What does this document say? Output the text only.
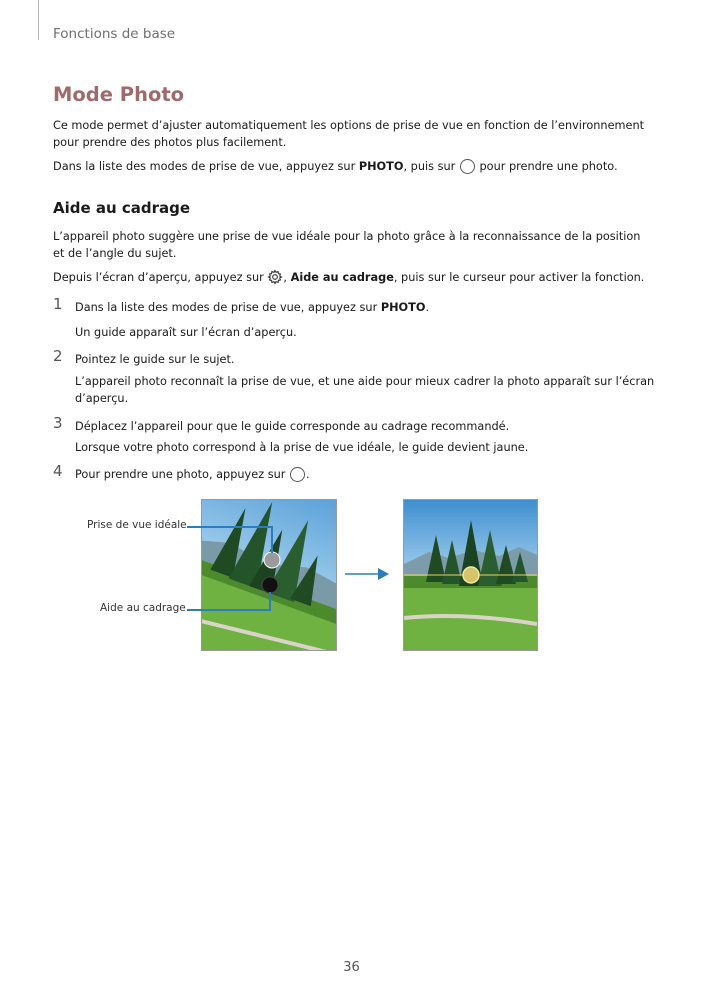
Fonctions de base
Mode Photo
Ce mode permet d’ajuster automatiquement les options de prise de vue en fonction de l’environnement pour prendre des photos plus facilement.
Dans la liste des modes de prise de vue, appuyez sur PHOTO, puis sur  pour prendre une photo.
Aide au cadrage
L’appareil photo suggère une prise de vue idéale pour la photo grâce à la reconnaissance de la position et de l’angle du sujet.
Depuis l’écran d’aperçu, appuyez sur , Aide au cadrage, puis sur le curseur pour activer la fonction.
1 Dans la liste des modes de prise de vue, appuyez sur PHOTO.
Un guide apparaît sur l’écran d’aperçu.
2 Pointez le guide sur le sujet.
L’appareil photo reconnaît la prise de vue, et une aide pour mieux cadrer la photo apparaît sur l’écran d’aperçu.
3 Déplacez l’appareil pour que le guide corresponde au cadrage recommandé.
Lorsque votre photo correspond à la prise de vue idéale, le guide devient jaune.
4 Pour prendre une photo, appuyez sur .
Prise de vue idéale
Aide au cadrage
36
